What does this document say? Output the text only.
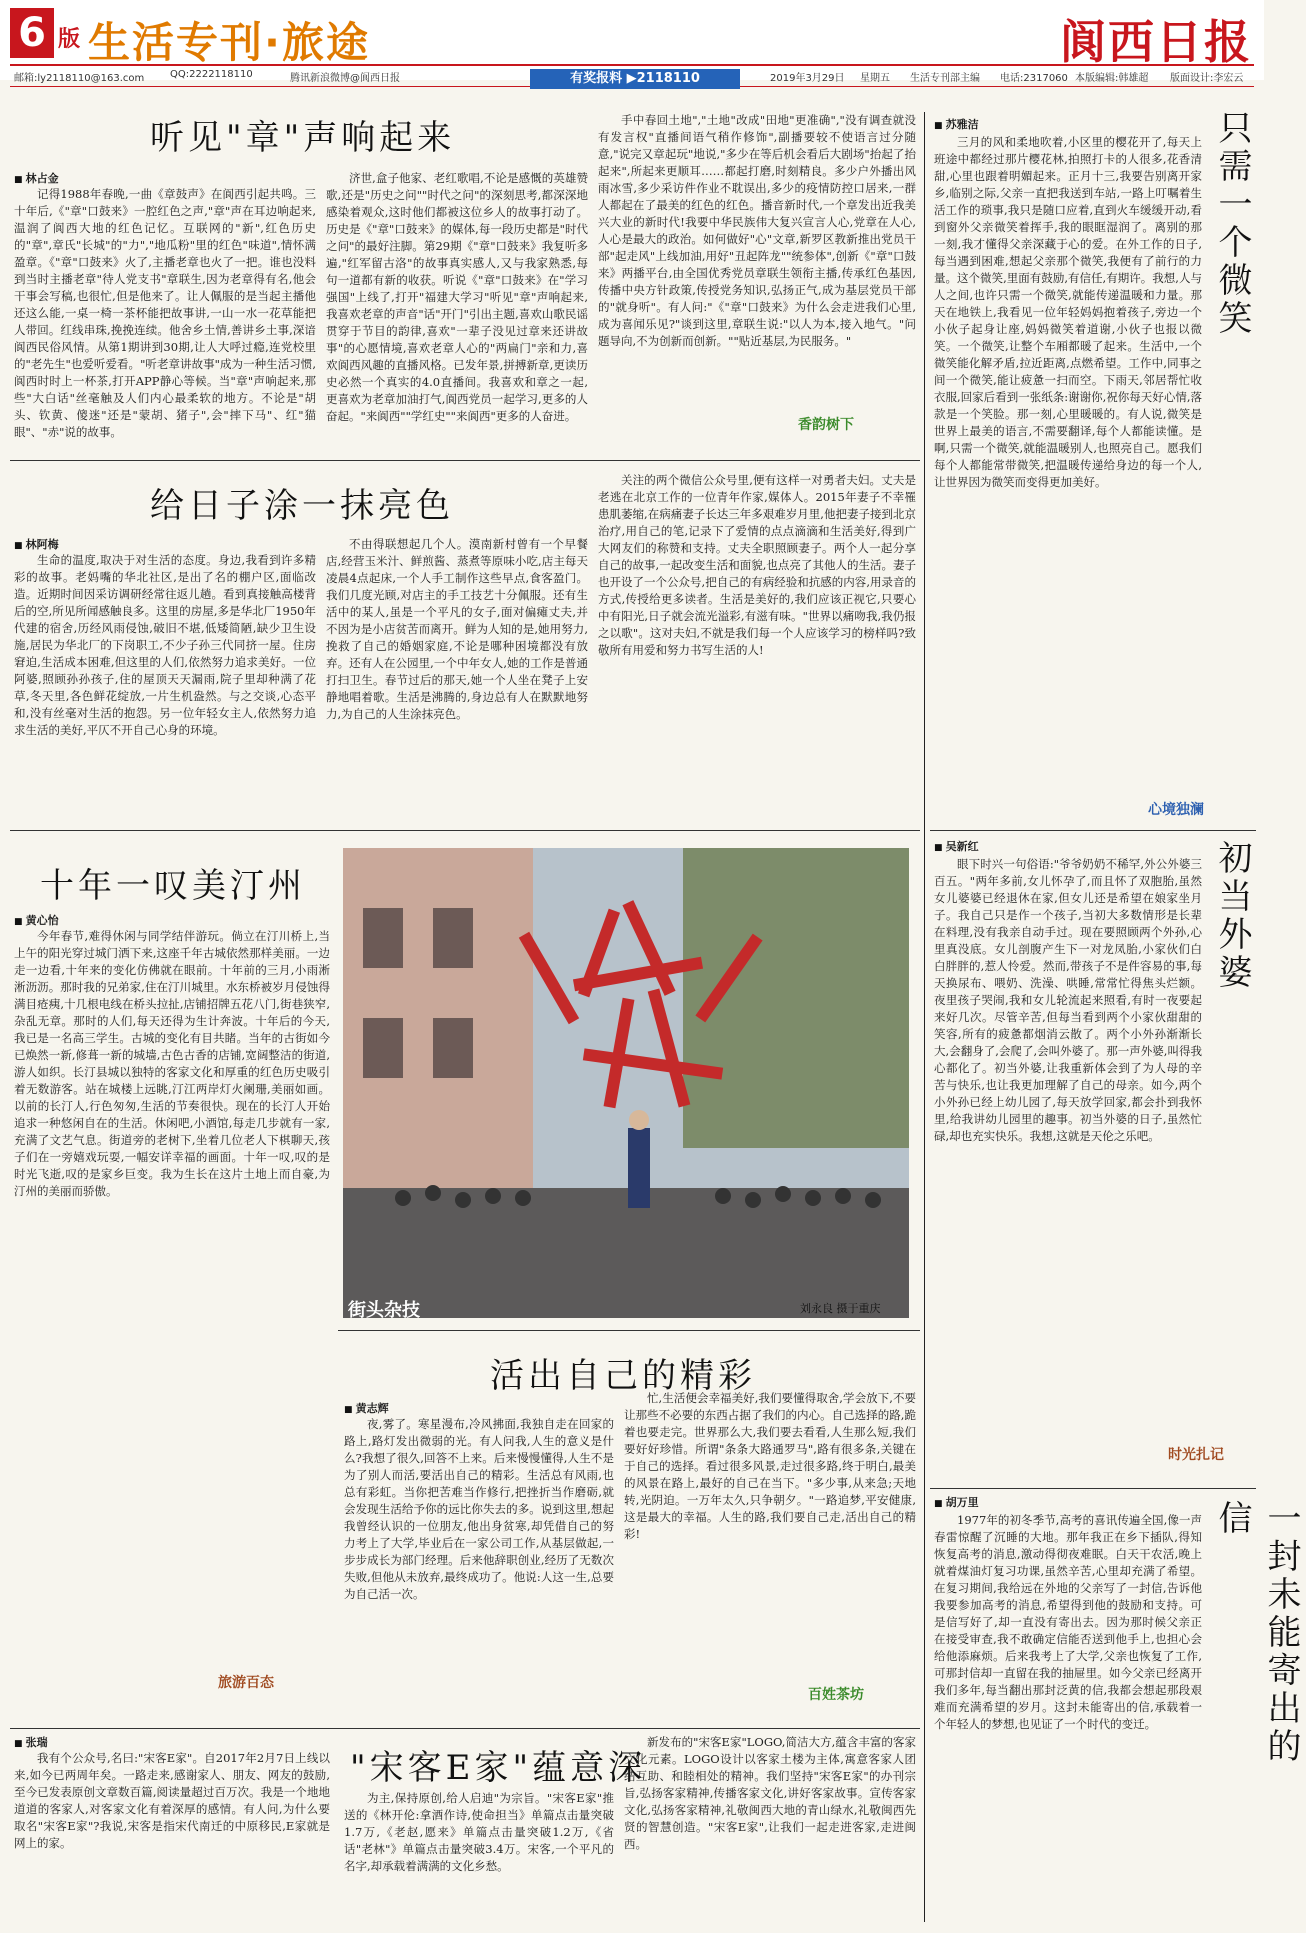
6 版 生活专刊·旅途	阆西日报
邮箱:ly2118110@163.com	QQ:2222118110	腾讯新浪微博@阆西日报	有奖报料 ▶2118110	2019年3月29日 星期五 生活专刊部主编 电话:2317060 本版编辑:韩雄超 版面设计:李宏云
听见"章"声响起来
■ 林占金

记得1988年春晚,一曲《章鼓声》在阆西引起共鸣。三十年后,《"章"口鼓来》一腔红色之声,"章"声在耳边响起来,温润了阆西大地的红色记忆。互联网的"新",红色历史的"章",章氏"长城"的"力","地瓜粉"里的红色"味道",情怀满盈章。《"章"口鼓来》火了,主播老章也火了一把。谁也没料到当时主播老章"待人党支书"章联生,因为老章得有名,他会干事会写稿,也很忙,但是他来了。让人佩服的是当起主播他还这么能,一桌一椅一茶杯能把故事讲,一山一水一花草能把人带回。红线串珠,挽挽连续。他舍乡土情,善讲乡土事,深谙阆西民俗风情。从第1期讲到30期,让人大呼过瘾,连党校里的"老先生"也爱听爱看。"听老章讲故事"成为一种生活习惯,阆西时时上一杯茶,打开APP静心等候。当"章"声响起来,那些"大白话"丝毫触及人们内心最柔软的地方。不论是"胡头、钦黄、傻迷"还是"蒙胡、猪子",会"摔下马"、红"猫眼"、"赤"说的故事。

济世,盒子他家、老红歌唱,不论是感慨的英雄赞歌,还是"历史之问""时代之问"的深刻思考,都深深地感染着观众,这时他们都被这位乡人的故事打动了。历史是《"章"口鼓来》的媒体,每一段历史都是"时代之问"的最好注脚。第29期《"章"口鼓来》我复听多遍,"红军留古洛"的故事真实感人,又与我家熟悉,每句一道都有新的收获。听说《"章"口鼓来》在"学习强国"上线了,打开"福建大学习"听见"章"声响起来,我喜欢老章的声音"话"开门"引出主题,喜欢山歌民谣贯穿于节目的韵律,喜欢"一辈子没见过章来还讲故事"的心愿情境,喜欢老章人心的"两扁门"亲和力,喜欢阆西风趣的直播风格。已发年景,拼搏新章,更读历史必然一个真实的4.0直播间。我喜欢和章之一起,更喜欢为老章加油打气,阆西党员一起学习,更多的人奋起。"来阆西""学红史""来阆西"更多的人奋进。

手中春回土地","土地"改成"田地"更准确","没有调查就没有发言权"直播间语气稍作修饰",副播要较不使语言过分随意,"说完又章起玩"地说,"多少在等后机会看后大剧场"抬起了抬起来",所起来更顺耳……都起打磨,时刻精良。多少户外播出风雨冰雪,多少采访件作业不耽误出,多少的疫情防控口居来,一群人都起在了最美的红色的红色。播音新时代,一个章发出近我美兴大业的新时代!我要中华民族伟大复兴宣言人心,党章在人心,人心是最大的政治。如何做好"心"文章,新罗区教新推出党员干部"起走风"上线加油,用好"丑起阵龙""统参体",创新《"章"口鼓来》两播平台,由全国优秀党员章联生领衔主播,传承红色基因,传播中央方针政策,传授党务知识,弘扬正气,成为基层党员干部的"就身听"。有人问:"《"章"口鼓来》为什么会走进我们心里,成为喜闻乐见?"谈到这里,章联生说:"以人为本,接入地气。"问题导向,不为创新而创新。""贴近基层,为民服务。"

香韵树下
给日子涂一抹亮色
■ 林阿梅

生命的温度,取决于对生活的态度。身边,我看到许多精彩的故事。老妈嘴的华北社区,是出了名的棚户区,面临改造。近期时间因采访调研经常往返儿趟。看到真接触高楼背后的空,所见所闻感触良多。这里的房屋,多是华北厂1950年代建的宿舍,历经风雨侵蚀,破旧不堪,低矮简陋,缺少卫生设施,居民为华北厂的下岗职工,不少子孙三代同挤一屋。住房窘迫,生活成本困难,但这里的人们,依然努力追求美好。一位阿婆,照顾孙孙孩子,住的屋顶天天漏雨,院子里却种满了花草,冬天里,各色鲜花绽放,一片生机盎然。与之交谈,心态平和,没有丝毫对生活的抱怨。另一位年轻女主人,依然努力追求生活的美好,平仄不开自己心身的环境。

不由得联想起几个人。漠南新村曾有一个早餐店,经营玉米汁、鲜煎酱、蒸煮等原味小吃,店主每天凌晨4点起床,一个人手工制作这些早点,食客盈门。我们几度光顾,对店主的手工技艺十分佩服。还有生活中的某人,虽是一个平凡的女子,面对偏瘫丈夫,并不因为是小店贫苦而离开。鲜为人知的是,她用努力,挽救了自己的婚姻家庭,不论是哪种困境都没有放弃。还有人在公园里,一个中年女人,她的工作是普通打扫卫生。春节过后的那天,她一个人坐在凳子上安静地唱着歌。生活是沸腾的,身边总有人在默默地努力,为自己的人生涂抹亮色。

关注的两个微信公众号里,便有这样一对勇者夫妇。丈夫是老逃在北京工作的一位青年作家,媒体人。2015年妻子不幸罹患肌萎缩,在病痛妻子长达三年多艰难岁月里,他把妻子接到北京治疗,用自己的笔,记录下了爱情的点点滴滴和生活美好,得到广大网友们的称赞和支持。丈夫全职照顾妻子。两个人一起分享自己的故事,一起改变生活和面貌,也点亮了其他人的生活。妻子也开设了一个公众号,把自己的有病经验和抗感的内容,用录音的方式,传授给更多读者。生活是美好的,我们应该正视它,只要心中有阳光,日子就会流光溢彩,有滋有味。"世界以痛吻我,我仍报之以歌"。这对夫妇,不就是我们每一个人应该学习的榜样吗?致敬所有用爱和努力书写生活的人!

■ 苏雅洁	只需一个微笑

三月的风和柔地吹着,小区里的樱花开了,每天上班途中都经过那片樱花林,拍照打卡的人很多,花香清甜,心里也跟着明媚起来。正月十三,我要告别离开家乡,临别之际,父亲一直把我送到车站,一路上叮嘱着生活工作的琐事,我只是随口应着,直到火车缓缓开动,看到窗外父亲微笑着挥手,我的眼眶湿润了。离别的那一刻,我才懂得父亲深藏于心的爱。在外工作的日子,每当遇到困难,想起父亲那个微笑,我便有了前行的力量。这个微笑,里面有鼓励,有信任,有期许。我想,人与人之间,也许只需一个微笑,就能传递温暖和力量。那天在地铁上,我看见一位年轻妈妈抱着孩子,旁边一个小伙子起身让座,妈妈微笑着道谢,小伙子也报以微笑。一个微笑,让整个车厢都暖了起来。生活中,一个微笑能化解矛盾,拉近距离,点燃希望。工作中,同事之间一个微笑,能让疲惫一扫而空。下雨天,邻居帮忙收衣服,回家后看到一张纸条:谢谢你,祝你每天好心情,落款是一个笑脸。那一刻,心里暖暖的。有人说,微笑是世界上最美的语言,不需要翻译,每个人都能读懂。是啊,只需一个微笑,就能温暖别人,也照亮自己。愿我们每个人都能常带微笑,把温暖传递给身边的每一个人,让世界因为微笑而变得更加美好。

心境独澜
十年一叹美汀州
■ 黄心怡

今年春节,难得休闲与同学结伴游玩。倘立在汀川桥上,当上午的阳光穿过城门洒下来,这座千年古城依然那样美丽。一边走一边看,十年来的变化仿佛就在眼前。十年前的三月,小雨淅淅沥沥。那时我的兄弟家,住在汀川城里。水东桥被岁月侵蚀得满目疮痍,十几根电线在桥头拉扯,店铺招牌五花八门,街巷狭窄,杂乱无章。那时的人们,每天还得为生计奔波。十年后的今天,我已是一名高三学生。古城的变化有目共睹。当年的古街如今已焕然一新,修葺一新的城墙,古色古香的店铺,宽阔整洁的街道,游人如织。长汀县城以独特的客家文化和厚重的红色历史吸引着无数游客。站在城楼上远眺,汀江两岸灯火阑珊,美丽如画。以前的长汀人,行色匆匆,生活的节奏很快。现在的长汀人开始追求一种悠闲自在的生活。休闲吧,小酒馆,每走几步就有一家,充满了文艺气息。街道旁的老树下,坐着几位老人下棋聊天,孩子们在一旁嬉戏玩耍,一幅安详幸福的画面。十年一叹,叹的是时光飞逝,叹的是家乡巨变。我为生长在这片土地上而自豪,为汀州的美丽而骄傲。

旅游百态
街头杂技	刘永良 摄于重庆
活出自己的精彩
■ 黄志辉

夜,雾了。寒星漫布,冷风拂面,我独自走在回家的路上,路灯发出微弱的光。有人问我,人生的意义是什么?我想了很久,回答不上来。后来慢慢懂得,人生不是为了别人而活,要活出自己的精彩。生活总有风雨,也总有彩虹。当你把苦难当作修行,把挫折当作磨砺,就会发现生活给予你的远比你失去的多。说到这里,想起我曾经认识的一位朋友,他出身贫寒,却凭借自己的努力考上了大学,毕业后在一家公司工作,从基层做起,一步步成长为部门经理。后来他辞职创业,经历了无数次失败,但他从未放弃,最终成功了。他说:人这一生,总要为自己活一次。

忙,生活便会幸福美好,我们要懂得取舍,学会放下,不要让那些不必要的东西占据了我们的内心。自己选择的路,跪着也要走完。世界那么大,我们要去看看,人生那么短,我们要好好珍惜。所谓"条条大路通罗马",路有很多条,关键在于自己的选择。看过很多风景,走过很多路,终于明白,最美的风景在路上,最好的自己在当下。"多少事,从来急;天地转,光阴迫。一万年太久,只争朝夕。"一路追梦,平安健康,这是最大的幸福。人生的路,我们要自己走,活出自己的精彩!

百姓茶坊
■ 吴新红	初当外婆

眼下时兴一句俗语:"爷爷奶奶不稀罕,外公外婆三百五。"两年多前,女儿怀孕了,而且怀了双胞胎,虽然女儿婆婆已经退休在家,但女儿还是希望在娘家坐月子。我自己只是作一个孩子,当初大多数情形是长辈在料理,没有我亲自动手过。现在要照顾两个外孙,心里真没底。女儿剖腹产生下一对龙凤胎,小家伙们白白胖胖的,惹人怜爱。然而,带孩子不是件容易的事,每天换尿布、喂奶、洗澡、哄睡,常常忙得焦头烂额。夜里孩子哭闹,我和女儿轮流起来照看,有时一夜要起来好几次。尽管辛苦,但每当看到两个小家伙甜甜的笑容,所有的疲惫都烟消云散了。两个小外孙渐渐长大,会翻身了,会爬了,会叫外婆了。那一声外婆,叫得我心都化了。初当外婆,让我重新体会到了为人母的辛苦与快乐,也让我更加理解了自己的母亲。如今,两个小外孙已经上幼儿园了,每天放学回家,都会扑到我怀里,给我讲幼儿园里的趣事。初当外婆的日子,虽然忙碌,却也充实快乐。我想,这就是天伦之乐吧。

时光扎记
■ 胡万里	一封未能寄出的信

1977年的初冬季节,高考的喜讯传遍全国,像一声春雷惊醒了沉睡的大地。那年我正在乡下插队,得知恢复高考的消息,激动得彻夜难眠。白天干农活,晚上就着煤油灯复习功课,虽然辛苦,心里却充满了希望。在复习期间,我给远在外地的父亲写了一封信,告诉他我要参加高考的消息,希望得到他的鼓励和支持。可是信写好了,却一直没有寄出去。因为那时候父亲正在接受审查,我不敢确定信能否送到他手上,也担心会给他添麻烦。后来我考上了大学,父亲也恢复了工作,可那封信却一直留在我的抽屉里。如今父亲已经离开我们多年,每当翻出那封泛黄的信,我都会想起那段艰难而充满希望的岁月。这封未能寄出的信,承载着一个年轻人的梦想,也见证了一个时代的变迁。

■ 张瑞

我有个公众号,名曰:"宋客E家"。自2017年2月7日上线以来,如今已两周年矣。一路走来,感谢家人、朋友、网友的鼓励,至今已发表原创文章数百篇,阅读量超过百万次。我是一个地地道道的客家人,对客家文化有着深厚的感情。有人问,为什么要取名"宋客E家"?我说,宋客是指宋代南迁的中原移民,E家就是网上的家。

"宋客E家"蕴意深

为主,保持原创,给人启迪"为宗旨。"宋客E家"推送的《林开伦:拿酒作诗,使命担当》单篇点击量突破1.7万,《老赵,愿来》单篇点击量突破1.2万,《省话"老林"》单篇点击量突破3.4万。宋客,一个平凡的名字,却承载着满满的文化乡愁。

新发布的"宋客E家"LOGO,简洁大方,蕴含丰富的客家文化元素。LOGO设计以客家土楼为主体,寓意客家人团结互助、和睦相处的精神。我们坚持"宋客E家"的办刊宗旨,弘扬客家精神,传播客家文化,讲好客家故事。宣传客家文化,弘扬客家精神,礼敬闽西大地的青山绿水,礼敬闽西先贤的智慧创造。"宋客E家",让我们一起走进客家,走进闽西。
